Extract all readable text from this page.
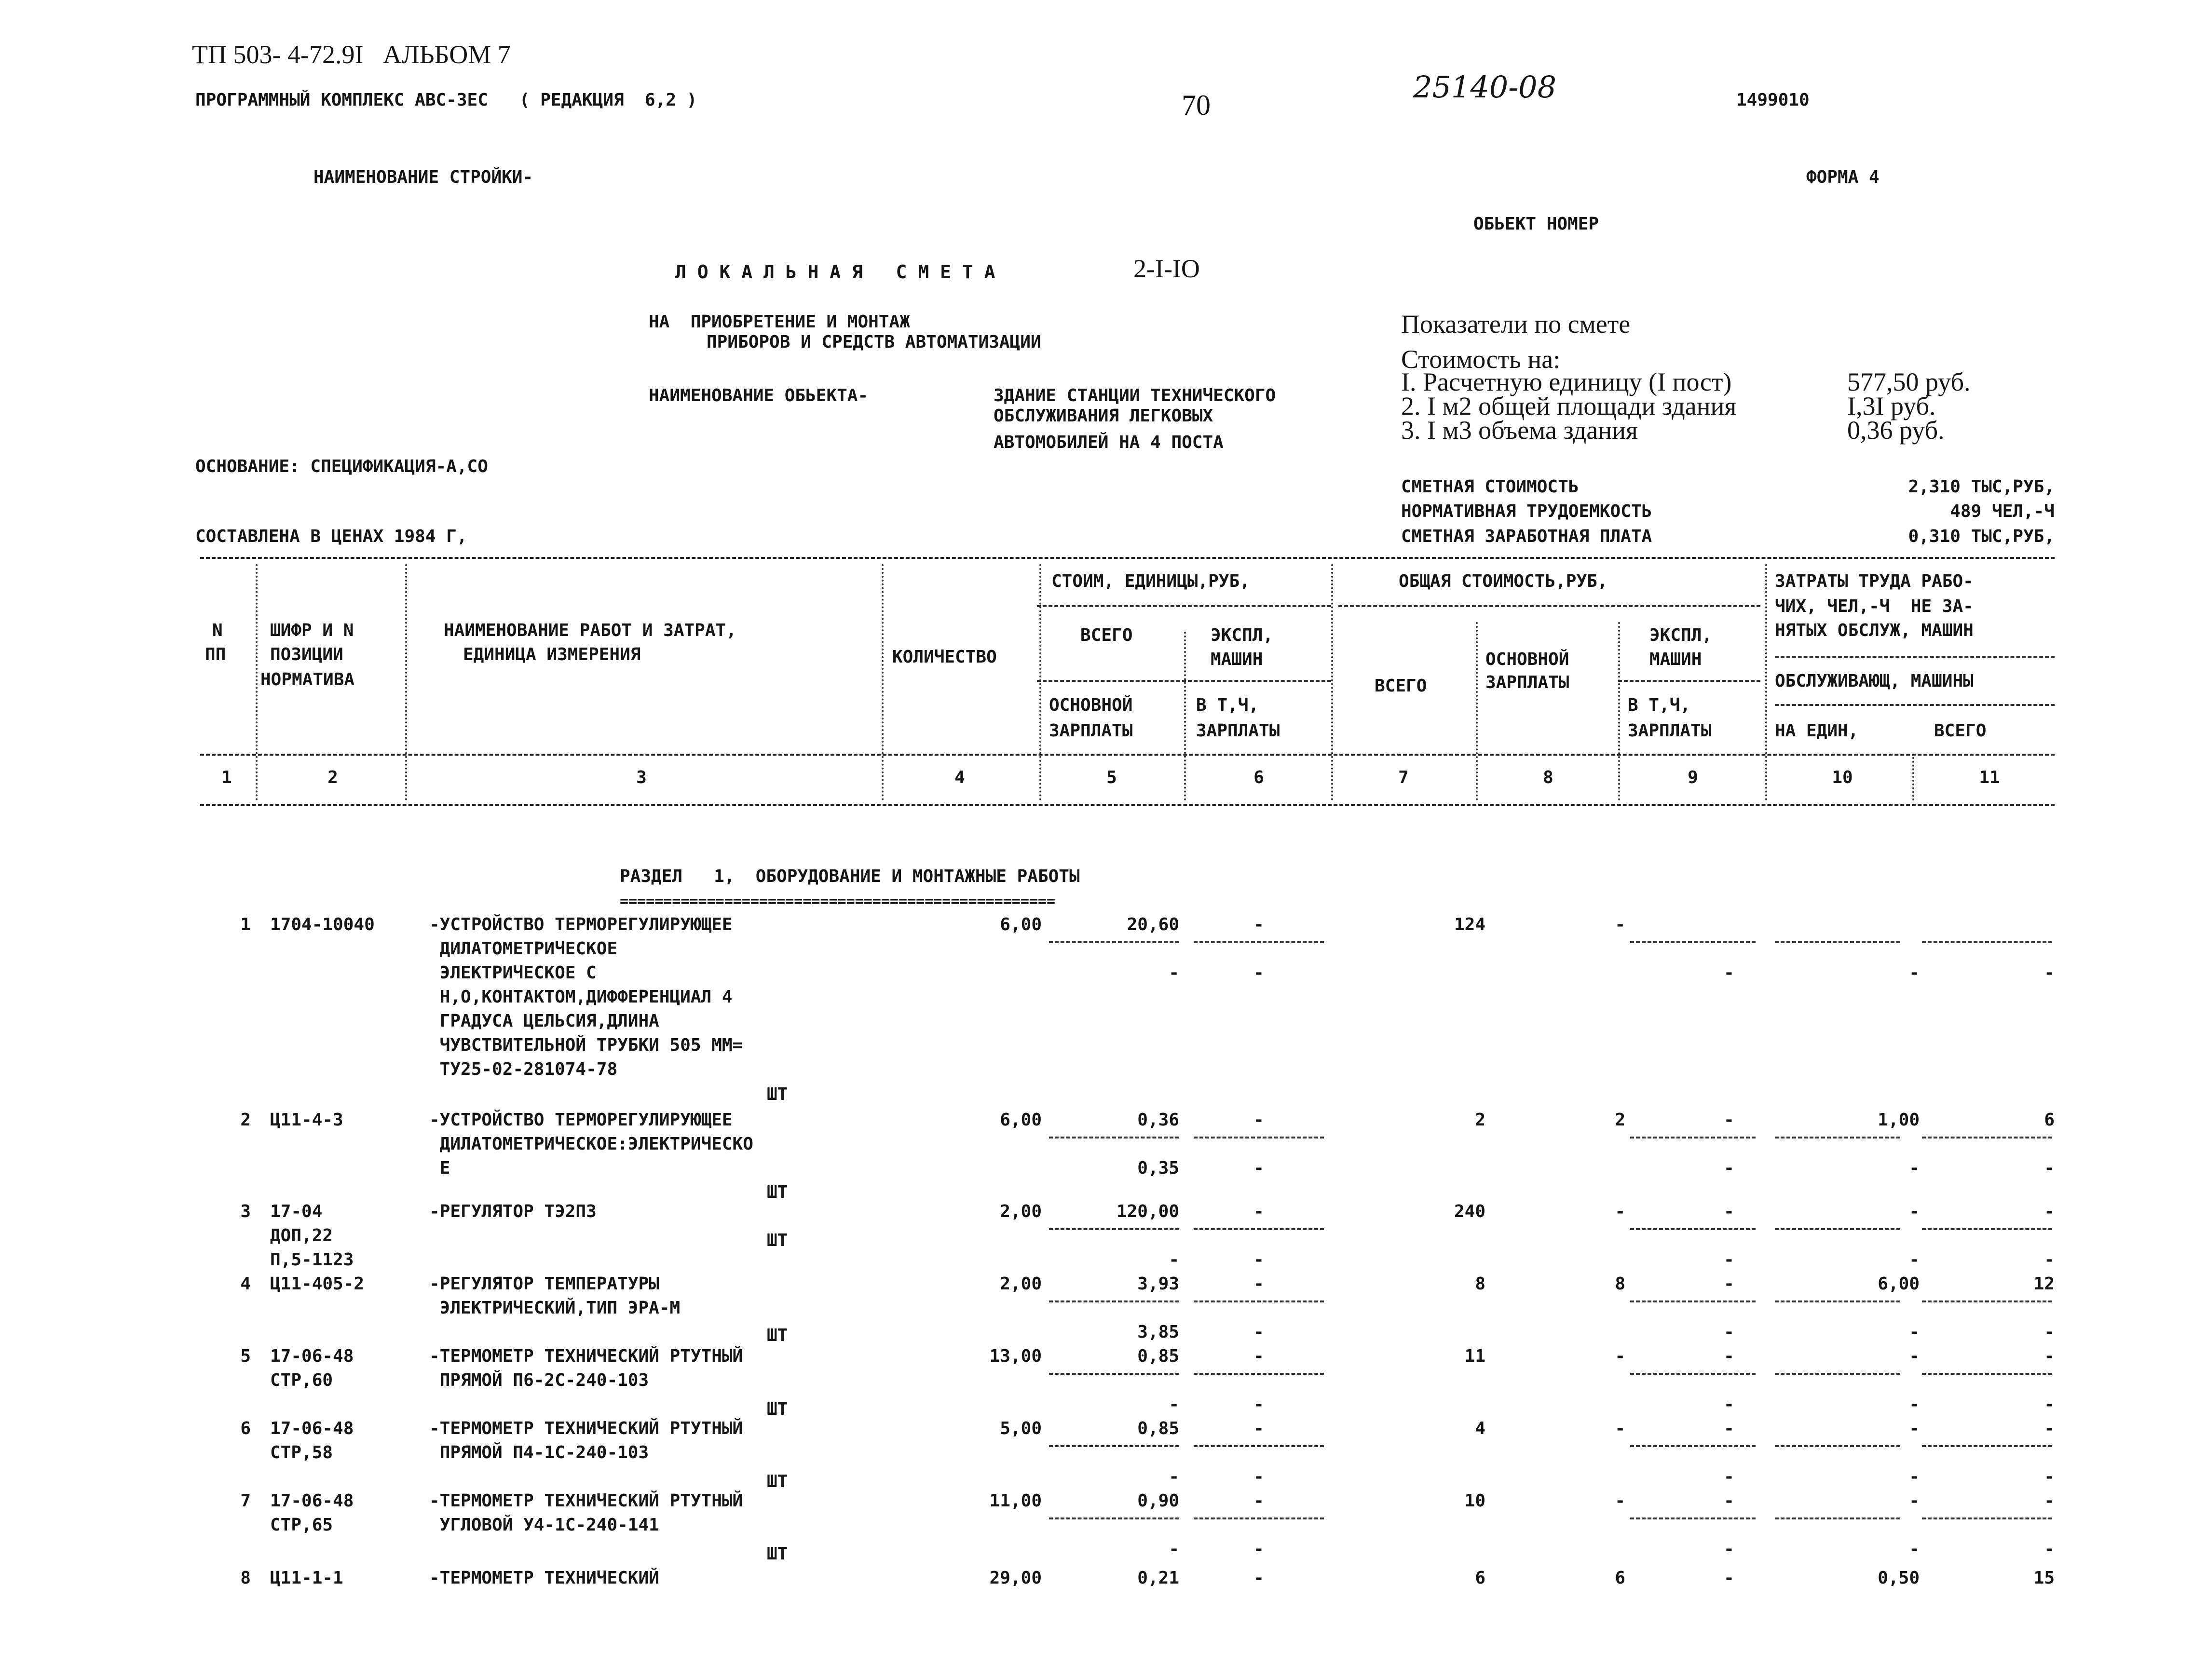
ТП 503- 4-72.9I   АЛЬБОМ 7
ПРОГРАММНЫЙ КОМПЛЕКС АВС-3ЕС   ( РЕДАКЦИЯ  6,2 )	70
25140-08	1499010
НАИМЕНОВАНИЕ СТРОЙКИ-	ФОРМА 4
ОБЬЕКТ НОМЕР
Л О К А Л Ь Н А Я   С М Е Т А	2-I-IO
НА  ПРИОБРЕТЕНИЕ И МОНТАЖ
ПРИБОРОВ И СРЕДСТВ АВТОМАТИЗАЦИИ
НАИМЕНОВАНИЕ ОБЬЕКТА-	ЗДАНИЕ СТАНЦИИ ТЕХНИЧЕСКОГО
ОБСЛУЖИВАНИЯ ЛЕГКОВЫХ
АВТОМОБИЛЕЙ НА 4 ПОСТА
ОСНОВАНИЕ: СПЕЦИФИКАЦИЯ-А,СО
СОСТАВЛЕНА В ЦЕНАХ 1984 Г,
Показатели по смете
Стоимость на:
I. Расчетную единицу (I пост)	577,50 руб.
2. I м2 общей площади здания	I,3I руб.
3. I м3 объема здания	0,36 руб.
СМЕТНАЯ СТОИМОСТЬ	2,310 ТЫС,РУБ,
НОРМАТИВНАЯ ТРУДОЕМКОСТЬ	489 ЧЕЛ,-Ч
СМЕТНАЯ ЗАРАБОТНАЯ ПЛАТА	0,310 ТЫС,РУБ,
N
ПП
ШИФР И N
ПОЗИЦИИ
НОРМАТИВА
НАИМЕНОВАНИЕ РАБОТ И ЗАТРАТ,
ЕДИНИЦА ИЗМЕРЕНИЯ	КОЛИЧЕСТВО
СТОИМ, ЕДИНИЦЫ,РУБ,
ВСЕГО	ЭКСПЛ,
МАШИН
ОСНОВНОЙ
ЗАРПЛАТЫ
В Т,Ч,
ЗАРПЛАТЫ
ОБЩАЯ СТОИМОСТЬ,РУБ,
ВСЕГО
ОСНОВНОЙ
ЗАРПЛАТЫ
ЭКСПЛ,
МАШИН
В Т,Ч,
ЗАРПЛАТЫ
ЗАТРАТЫ ТРУДА РАБО-
ЧИХ, ЧЕЛ,-Ч  НЕ ЗА-
НЯТЫХ ОБСЛУЖ, МАШИН
ОБСЛУЖИВАЮЩ, МАШИНЫ
НА ЕДИН,	ВСЕГО
1	2	3	4	5	6	7	8	9	10	11
РАЗДЕЛ   1,  ОБОРУДОВАНИЕ И МОНТАЖНЫЕ РАБОТЫ
==================================================
1 1704-10040	-УСТРОЙСТВО ТЕРМОРЕГУЛИРУЮЩЕЕ
ДИЛАТОМЕТРИЧЕСКОЕ
ЭЛЕКТРИЧЕСКОЕ С
Н,О,КОНТАКТОМ,ДИФФЕРЕНЦИАЛ 4
ГРАДУСА ЦЕЛЬСИЯ,ДЛИНА
ЧУВСТВИТЕЛЬНОЙ ТРУБКИ 505 ММ=
ТУ25-02-281074-78
ШТ
6,00	20,60	-	124	-
-	-	-	-	-
2 Ц11-4-3	-УСТРОЙСТВО ТЕРМОРЕГУЛИРУЮЩЕЕ
ДИЛАТОМЕТРИЧЕСКОЕ:ЭЛЕКТРИЧЕСКО
Е
ШТ
6,00	0,36	-	2	2	-	1,00	6
0,35	-	-	-	-
3 17-04
ДОП,22
П,5-1123
-РЕГУЛЯТОР ТЭ2П3
ШТ
2,00	120,00	-	240	-	-	-	-
-	-	-	-	-
4 Ц11-405-2	-РЕГУЛЯТОР ТЕМПЕРАТУРЫ
ЭЛЕКТРИЧЕСКИЙ,ТИП ЭРА-М
ШТ
2,00	3,93	-	8	8	-	6,00	12
3,85	-	-	-	-
5 17-06-48
СТР,60
-ТЕРМОМЕТР ТЕХНИЧЕСКИЙ РТУТНЫЙ
ПРЯМОЙ П6-2С-240-103
ШТ
13,00	0,85	-	11	-	-	-	-
-	-	-	-	-
6 17-06-48
СТР,58
-ТЕРМОМЕТР ТЕХНИЧЕСКИЙ РТУТНЫЙ
ПРЯМОЙ П4-1С-240-103
ШТ
5,00	0,85	-	4	-	-	-	-
-	-	-	-	-
7 17-06-48
СТР,65
-ТЕРМОМЕТР ТЕХНИЧЕСКИЙ РТУТНЫЙ
УГЛОВОЙ У4-1С-240-141
ШТ
11,00	0,90	-	10	-	-	-	-
-	-	-	-	-
8 Ц11-1-1	-ТЕРМОМЕТР ТЕХНИЧЕСКИЙ	29,00	0,21	-	6	6	-	0,50	15
